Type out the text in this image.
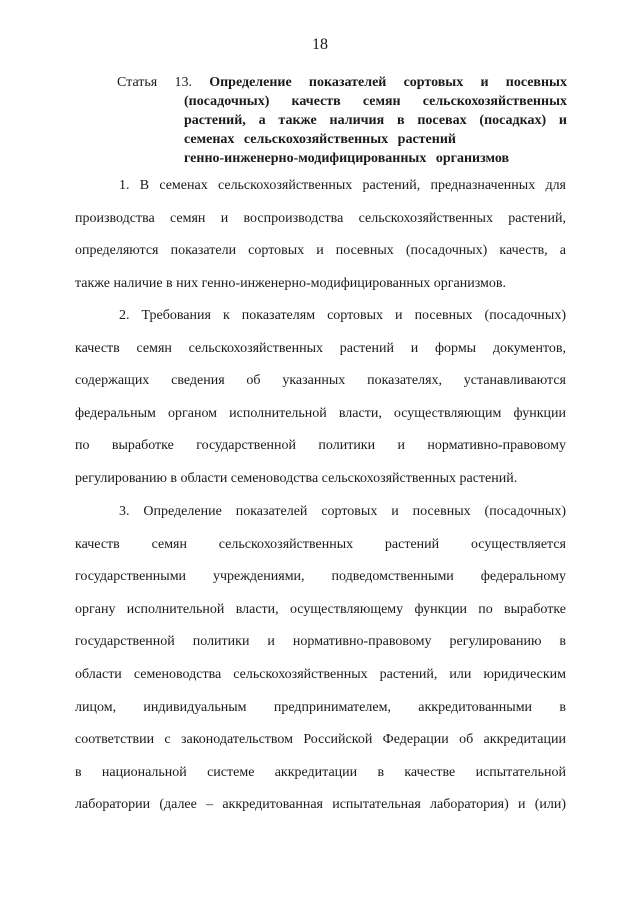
18
Статья 13. Определение показателей сортовых и посевных
(посадочных) качеств семян сельскохозяйственных
растений, а также наличия в посевах (посадках) и
семенах сельскохозяйственных растений
генно-инженерно-модифицированных организмов
1. В семенах сельскохозяйственных растений, предназначенных для
производства семян и воспроизводства сельскохозяйственных растений,
определяются показатели сортовых и посевных (посадочных) качеств, а
также наличие в них генно-инженерно-модифицированных организмов.
2. Требования к показателям сортовых и посевных (посадочных)
качеств семян сельскохозяйственных растений и формы документов,
содержащих сведения об указанных показателях, устанавливаются
федеральным органом исполнительной власти, осуществляющим функции
по выработке государственной политики и нормативно-правовому
регулированию в области семеноводства сельскохозяйственных растений.
3. Определение показателей сортовых и посевных (посадочных)
качеств семян сельскохозяйственных растений осуществляется
государственными учреждениями, подведомственными федеральному
органу исполнительной власти, осуществляющему функции по выработке
государственной политики и нормативно-правовому регулированию в
области семеноводства сельскохозяйственных растений, или юридическим
лицом, индивидуальным предпринимателем, аккредитованными в
соответствии с законодательством Российской Федерации об аккредитации
в национальной системе аккредитации в качестве испытательной
лаборатории (далее – аккредитованная испытательная лаборатория) и (или)
